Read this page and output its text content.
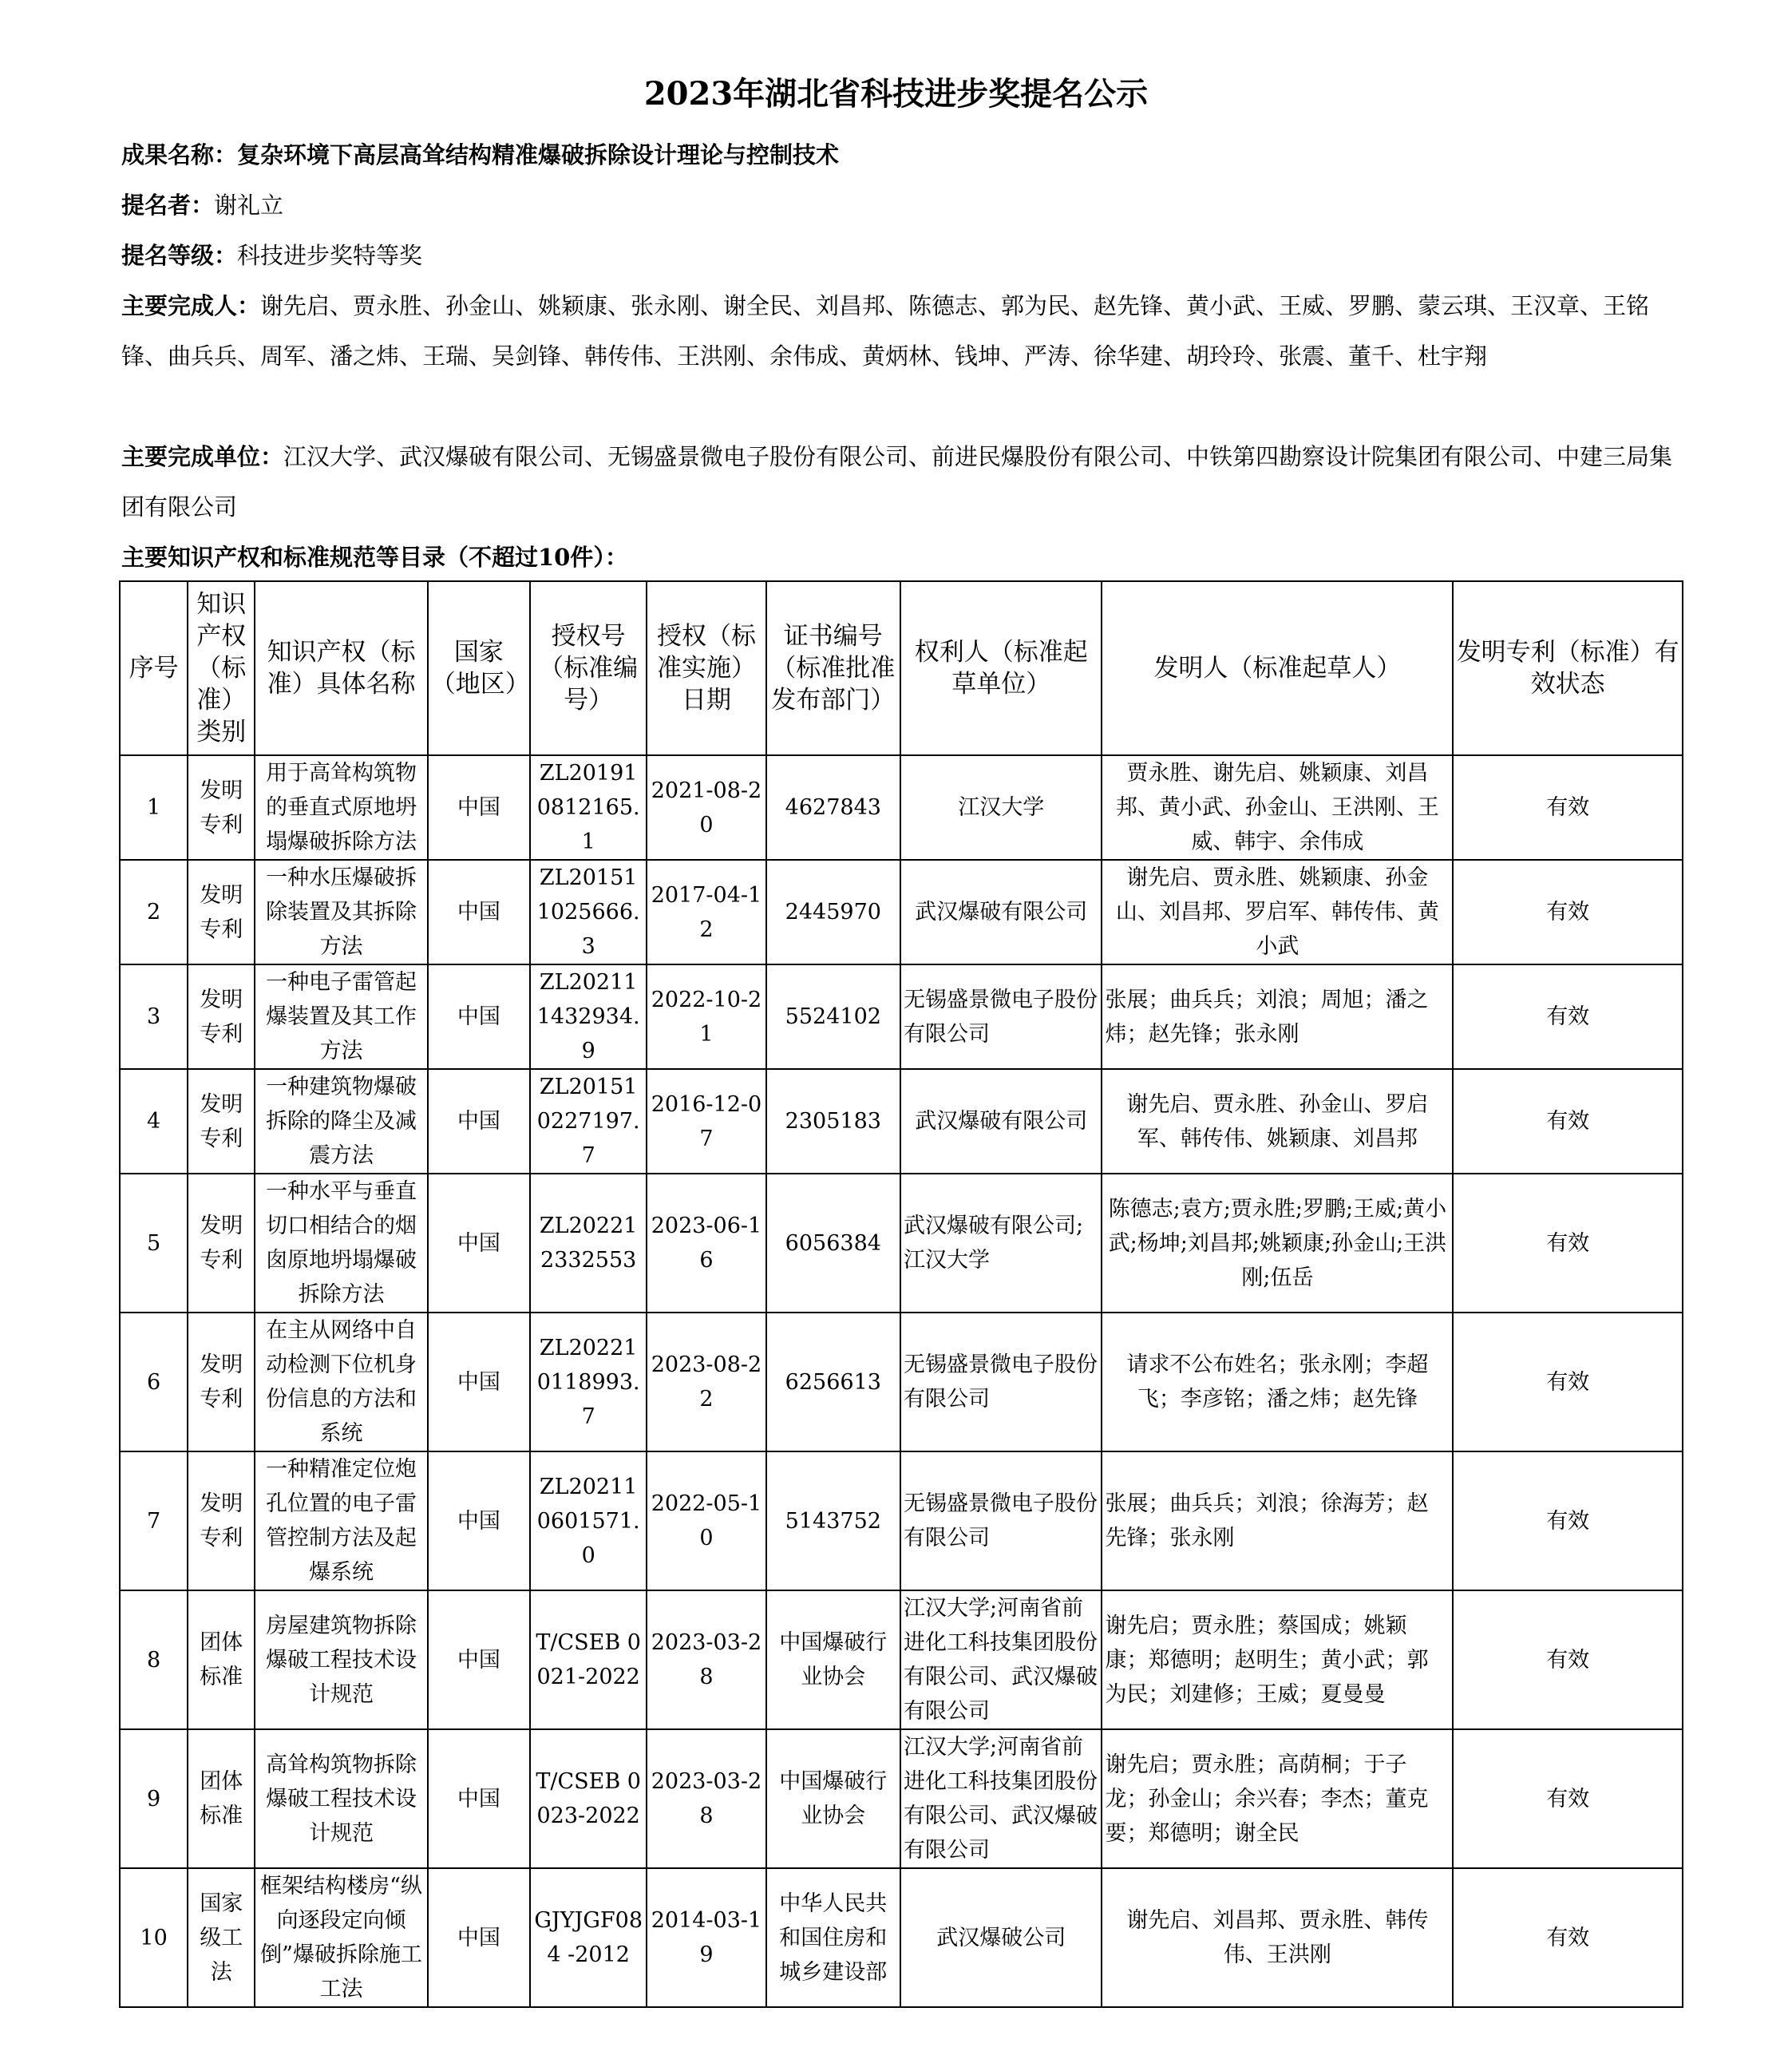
2023年湖北省科技进步奖提名公示
成果名称：复杂环境下高层高耸结构精准爆破拆除设计理论与控制技术
提名者：谢礼立
提名等级：科技进步奖特等奖
主要完成人：谢先启、贾永胜、孙金山、姚颖康、张永刚、谢全民、刘昌邦、陈德志、郭为民、赵先锋、黄小武、王威、罗鹏、蒙云琪、王汉章、王铭锋、曲兵兵、周军、潘之炜、王瑞、吴剑锋、韩传伟、王洪刚、余伟成、黄炳林、钱坤、严涛、徐华建、胡玲玲、张震、董千、杜宇翔
主要完成单位：江汉大学、武汉爆破有限公司、无锡盛景微电子股份有限公司、前进民爆股份有限公司、中铁第四勘察设计院集团有限公司、中建三局集团有限公司
主要知识产权和标准规范等目录（不超过10件）：
序号	知识产权（标准）类别	知识产权（标准）具体名称	国家（地区）	授权号（标准编号）	授权（标准实施）日期	证书编号（标准批准发布部门）	权利人（标准起草单位）	发明人（标准起草人）	发明专利（标准）有效状态
1	发明专利	用于高耸构筑物的垂直式原地坍塌爆破拆除方法	中国	ZL201910812165.1	2021-08-20	4627843	江汉大学	贾永胜、谢先启、姚颖康、刘昌邦、黄小武、孙金山、王洪刚、王威、韩宇、余伟成	有效
2	发明专利	一种水压爆破拆除装置及其拆除方法	中国	ZL201511025666.3	2017-04-12	2445970	武汉爆破有限公司	谢先启、贾永胜、姚颖康、孙金山、刘昌邦、罗启军、韩传伟、黄小武	有效
3	发明专利	一种电子雷管起爆装置及其工作方法	中国	ZL202111432934.9	2022-10-21	5524102	无锡盛景微电子股份有限公司	张展；曲兵兵；刘浪；周旭；潘之炜；赵先锋；张永刚	有效
4	发明专利	一种建筑物爆破拆除的降尘及减震方法	中国	ZL201510227197.7	2016-12-07	2305183	武汉爆破有限公司	谢先启、贾永胜、孙金山、罗启军、韩传伟、姚颖康、刘昌邦	有效
5	发明专利	一种水平与垂直切口相结合的烟囱原地坍塌爆破拆除方法	中国	ZL202212332553	2023-06-16	6056384	武汉爆破有限公司;江汉大学	陈德志;袁方;贾永胜;罗鹏;王威;黄小武;杨坤;刘昌邦;姚颖康;孙金山;王洪刚;伍岳	有效
6	发明专利	在主从网络中自动检测下位机身份信息的方法和系统	中国	ZL202210118993.7	2023-08-22	6256613	无锡盛景微电子股份有限公司	请求不公布姓名；张永刚；李超飞；李彦铭；潘之炜；赵先锋	有效
7	发明专利	一种精准定位炮孔位置的电子雷管控制方法及起爆系统	中国	ZL202110601571.0	2022-05-10	5143752	无锡盛景微电子股份有限公司	张展；曲兵兵；刘浪；徐海芳；赵先锋；张永刚	有效
8	团体标准	房屋建筑物拆除爆破工程技术设计规范	中国	T/CSEB 0021-2022	2023-03-28	中国爆破行业协会	江汉大学;河南省前进化工科技集团股份有限公司、武汉爆破有限公司	谢先启；贾永胜；蔡国成；姚颖康；郑德明；赵明生；黄小武；郭为民；刘建修；王威；夏曼曼	有效
9	团体标准	高耸构筑物拆除爆破工程技术设计规范	中国	T/CSEB 0023-2022	2023-03-28	中国爆破行业协会	江汉大学;河南省前进化工科技集团股份有限公司、武汉爆破有限公司	谢先启；贾永胜；高荫桐；于子龙；孙金山；余兴春；李杰；董克要；郑德明；谢全民	有效
10	国家级工法	框架结构楼房“纵向逐段定向倾倒”爆破拆除施工工法	中国	GJYJGF084 -2012	2014-03-19	中华人民共和国住房和城乡建设部	武汉爆破公司	谢先启、刘昌邦、贾永胜、韩传伟、王洪刚	有效
